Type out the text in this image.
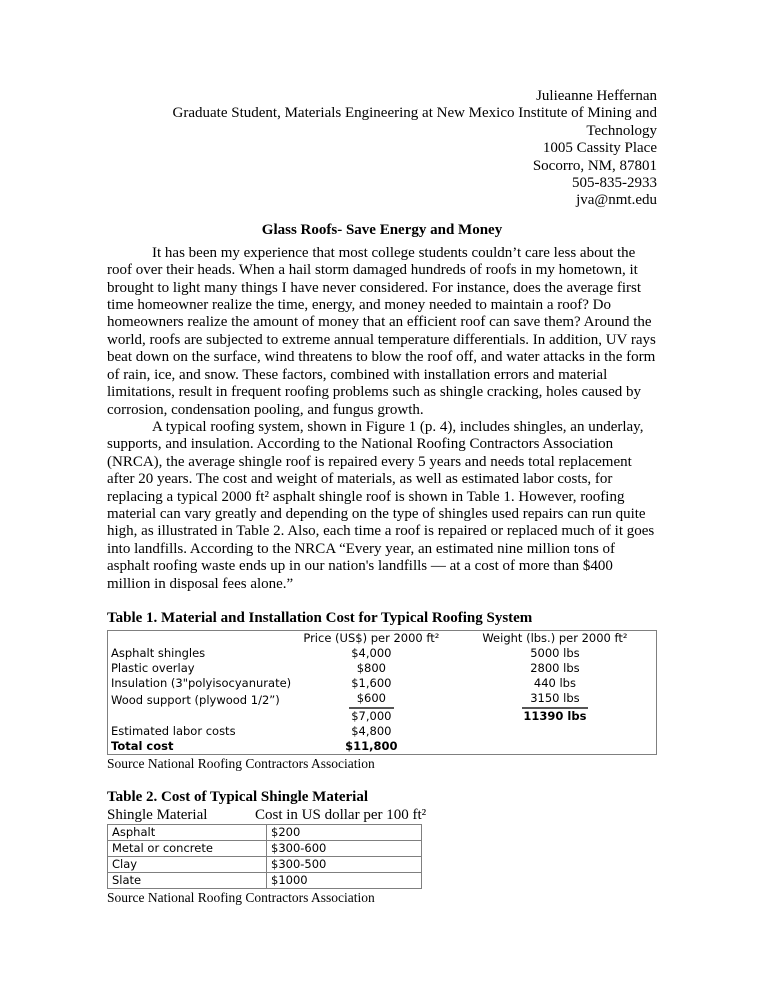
Julieanne Heffernan
Graduate Student, Materials Engineering at New Mexico Institute of Mining and Technology
1005 Cassity Place
Socorro, NM, 87801
505-835-2933
jva@nmt.edu
Glass Roofs- Save Energy and Money

It has been my experience that most college students couldn’t care less about the roof over their heads. When a hail storm damaged hundreds of roofs in my hometown, it brought to light many things I have never considered. For instance, does the average first time homeowner realize the time, energy, and money needed to maintain a roof? Do homeowners realize the amount of money that an efficient roof can save them? Around the world, roofs are subjected to extreme annual temperature differentials. In addition, UV rays beat down on the surface, wind threatens to blow the roof off, and water attacks in the form of rain, ice, and snow. These factors, combined with installation errors and material limitations, result in frequent roofing problems such as shingle cracking, holes caused by corrosion, condensation pooling, and fungus growth.

A typical roofing system, shown in Figure 1 (p. 4), includes shingles, an underlay, supports, and insulation. According to the National Roofing Contractors Association (NRCA), the average shingle roof is repaired every 5 years and needs total replacement after 20 years. The cost and weight of materials, as well as estimated labor costs, for replacing a typical 2000 ft² asphalt shingle roof is shown in Table 1. However, roofing material can vary greatly and depending on the type of shingles used repairs can run quite high, as illustrated in Table 2. Also, each time a roof is repaired or replaced much of it goes into landfills. According to the NRCA “Every year, an estimated nine million tons of asphalt roofing waste ends up in our nation's landfills — at a cost of more than $400 million in disposal fees alone.”

Table 1. Material and Installation Cost for Typical Roofing System
	Price (US$) per 2000 ft²	Weight (lbs.) per 2000 ft²
Asphalt shingles	$4,000	5000 lbs
Plastic overlay	$800	2800 lbs
Insulation (3"polyisocyanurate)	$1,600	440 lbs
Wood support (plywood 1/2”)	$600	3150 lbs
	$7,000	11390 lbs
Estimated labor costs	$4,800	
Total cost	$11,800	
Source National Roofing Contractors Association
Table 2. Cost of Typical Shingle Material
Shingle Material	Cost in US dollar per 100 ft²
Asphalt	$200
Metal or concrete	$300-600
Clay	$300-500
Slate	$1000
Source National Roofing Contractors Association
